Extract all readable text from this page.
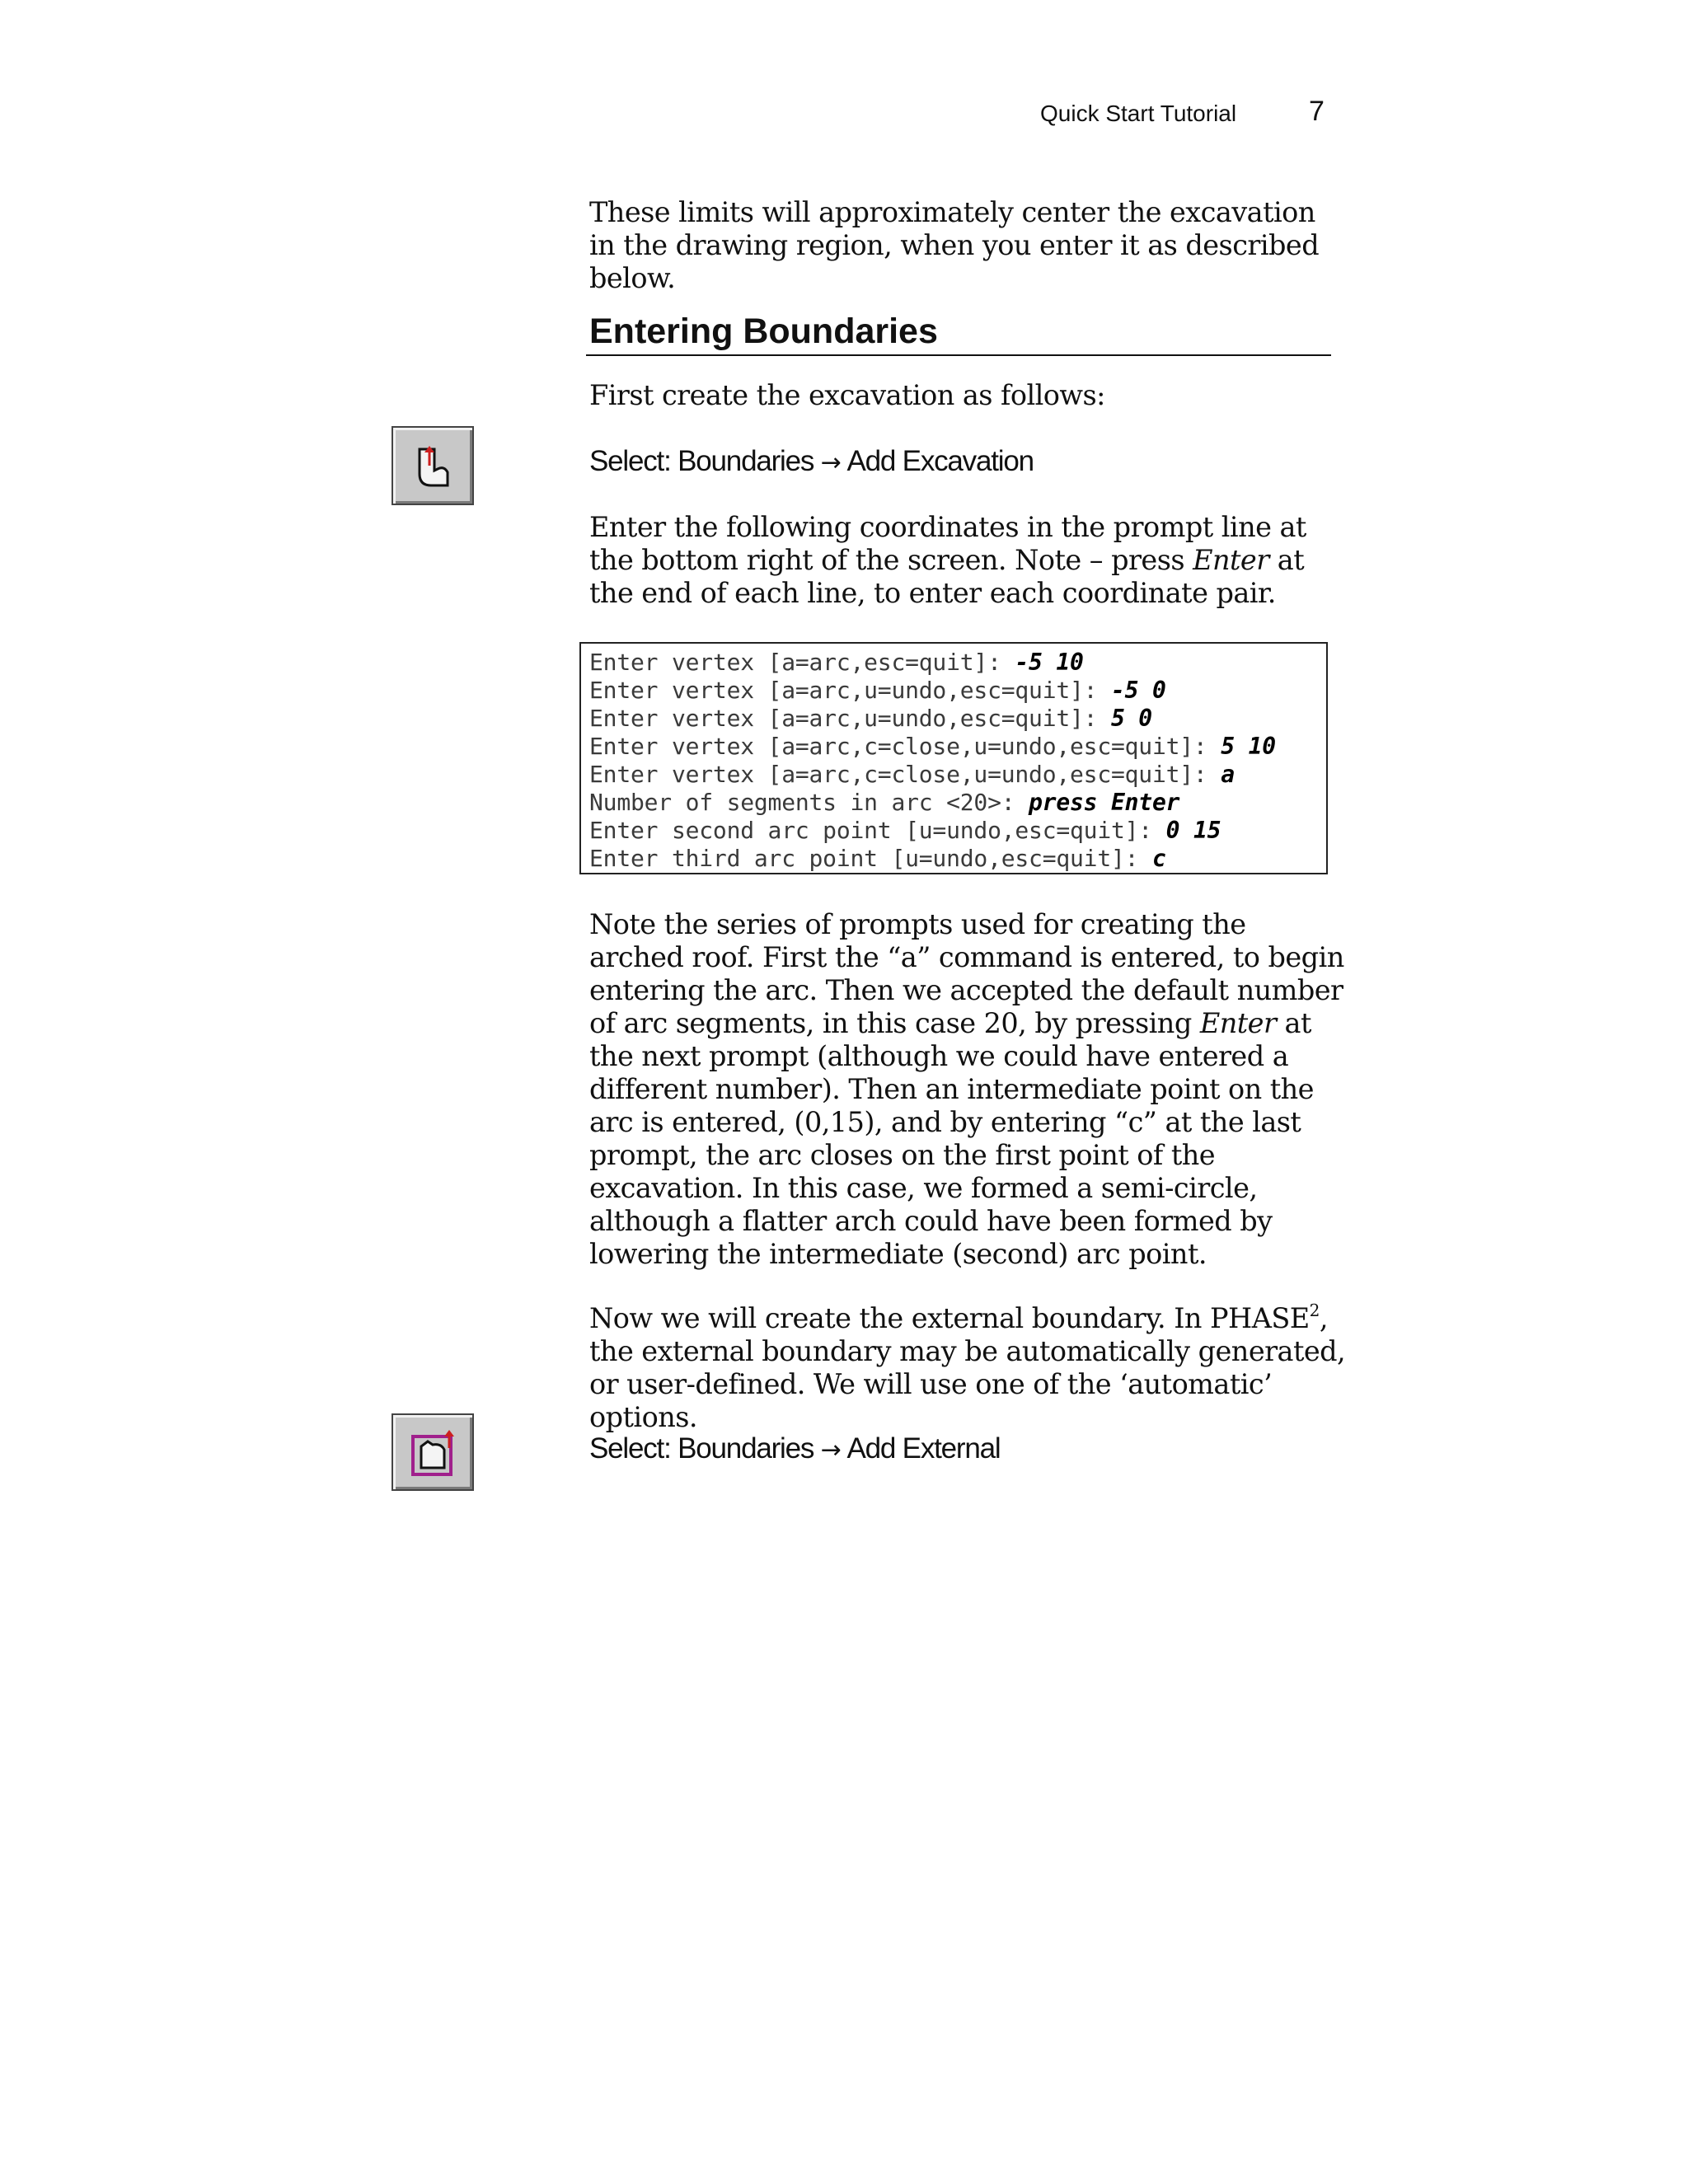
Quick Start Tutorial	7

These limits will approximately center the excavation in the drawing region, when you enter it as described below.

Entering Boundaries

First create the excavation as follows:

Select: Boundaries → Add Excavation

Enter the following coordinates in the prompt line at the bottom right of the screen. Note – press Enter at the end of each line, to enter each coordinate pair.

Enter vertex [a=arc,esc=quit]: -5 10
Enter vertex [a=arc,u=undo,esc=quit]: -5 0
Enter vertex [a=arc,u=undo,esc=quit]: 5 0
Enter vertex [a=arc,c=close,u=undo,esc=quit]: 5 10
Enter vertex [a=arc,c=close,u=undo,esc=quit]: a
Number of segments in arc <20>: press Enter
Enter second arc point [u=undo,esc=quit]: 0 15
Enter third arc point [u=undo,esc=quit]: c

Note the series of prompts used for creating the arched roof. First the “a” command is entered, to begin entering the arc. Then we accepted the default number of arc segments, in this case 20, by pressing Enter at the next prompt (although we could have entered a different number). Then an intermediate point on the arc is entered, (0,15), and by entering “c” at the last prompt, the arc closes on the first point of the excavation. In this case, we formed a semi-circle, although a flatter arch could have been formed by lowering the intermediate (second) arc point.

Now we will create the external boundary. In PHASE$^2$, the external boundary may be automatically generated, or user-defined. We will use one of the ‘automatic’ options.

Select: Boundaries → Add External
